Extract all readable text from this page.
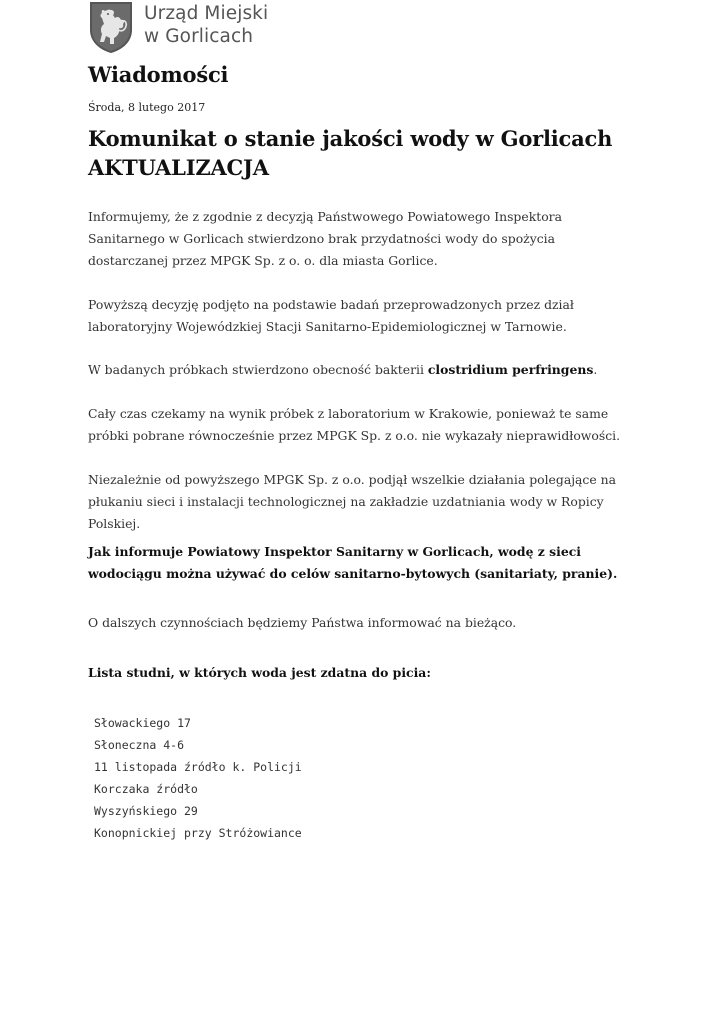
Urząd Miejski
w Gorlicach
Wiadomości

Środa, 8 lutego 2017

Komunikat o stanie jakości wody w Gorlicach
AKTUALIZACJA

Informujemy, że z zgodnie z decyzją Państwowego Powiatowego Inspektora Sanitarnego w Gorlicach stwierdzono brak przydatności wody do spożycia dostarczanej przez MPGK Sp. z o. o. dla miasta Gorlice.

Powyższą decyzję podjęto na podstawie badań przeprowadzonych przez dział laboratoryjny Wojewódzkiej Stacji Sanitarno-Epidemiologicznej w Tarnowie.

W badanych próbkach stwierdzono obecność bakterii clostridium perfringens.

Cały czas czekamy na wynik próbek z laboratorium w Krakowie, ponieważ te same próbki pobrane równocześnie przez MPGK Sp. z o.o. nie wykazały nieprawidłowości.

Niezależnie od powyższego MPGK Sp. z o.o. podjął wszelkie działania polegające na płukaniu sieci i instalacji technologicznej na zakładzie uzdatniania wody w Ropicy Polskiej.

Jak informuje Powiatowy Inspektor Sanitarny w Gorlicach, wodę z sieci wodociągu można używać do celów sanitarno-bytowych (sanitariaty, pranie).

O dalszych czynnościach będziemy Państwa informować na bieżąco.

Lista studni, w których woda jest zdatna do picia:

Słowackiego 17
Słoneczna 4-6
11 listopada źródło k. Policji
Korczaka źródło
Wyszyńskiego 29
Konopnickiej przy Stróżowiance
